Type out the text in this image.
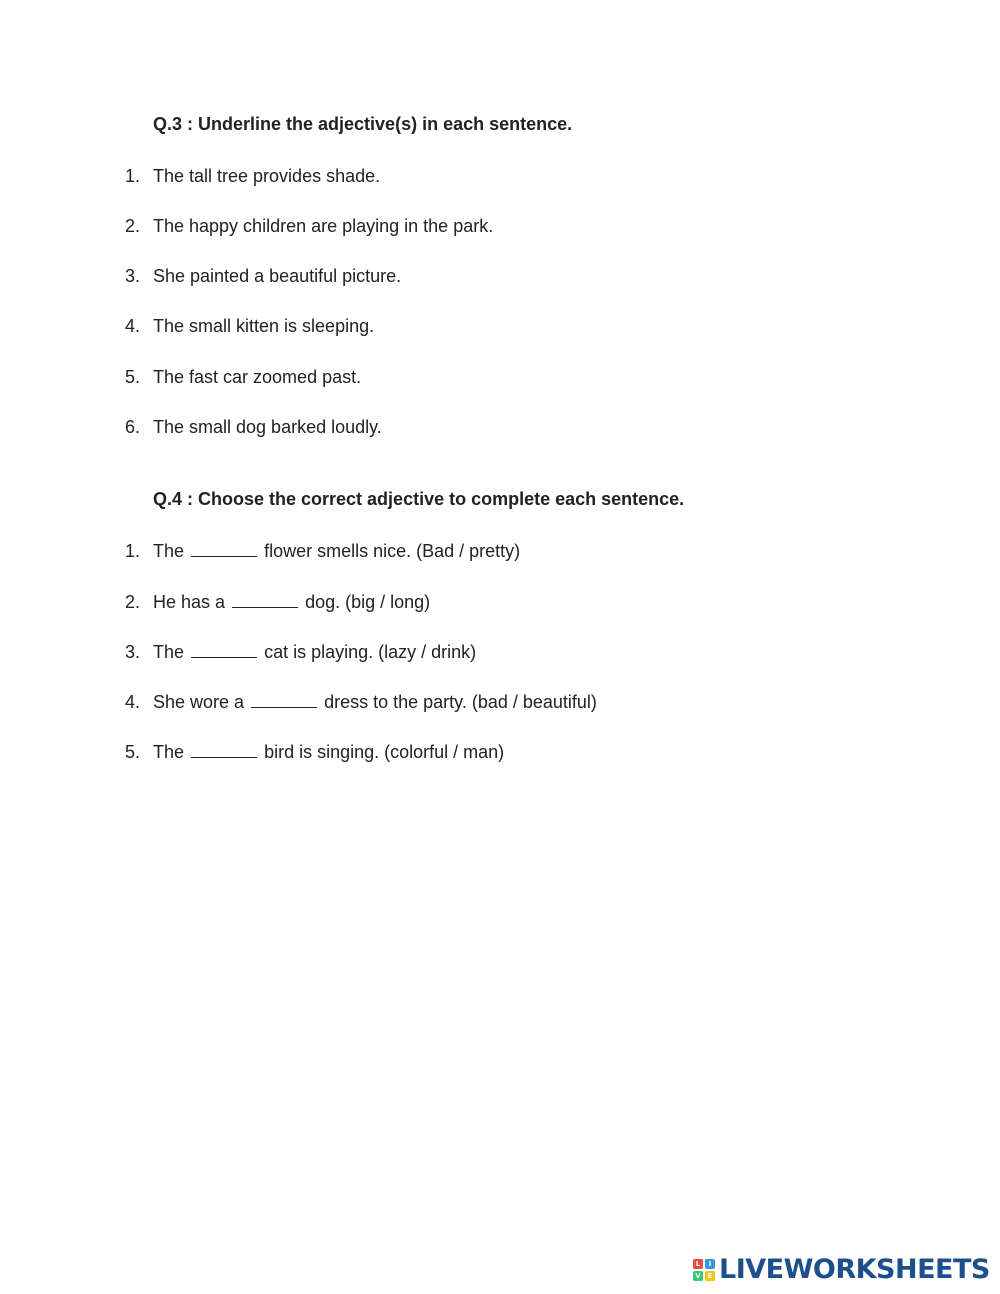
Q.3 : Underline the adjective(s) in each sentence.
1. The tall tree provides shade.
2. The happy children are playing in the park.
3. She painted a beautiful picture.
4. The small kitten is sleeping.
5. The fast car zoomed past.
6. The small dog barked loudly.
Q.4 : Choose the correct adjective to complete each sentence.
1. The	flower smells nice. (Bad / pretty)
2. He has a	dog. (big / long)
3. The	cat is playing. (lazy / drink)
4. She wore a	dress to the party. (bad / beautiful)
5. The	bird is singing. (colorful / man)
L	I
V E LIVEWORKSHEETS
